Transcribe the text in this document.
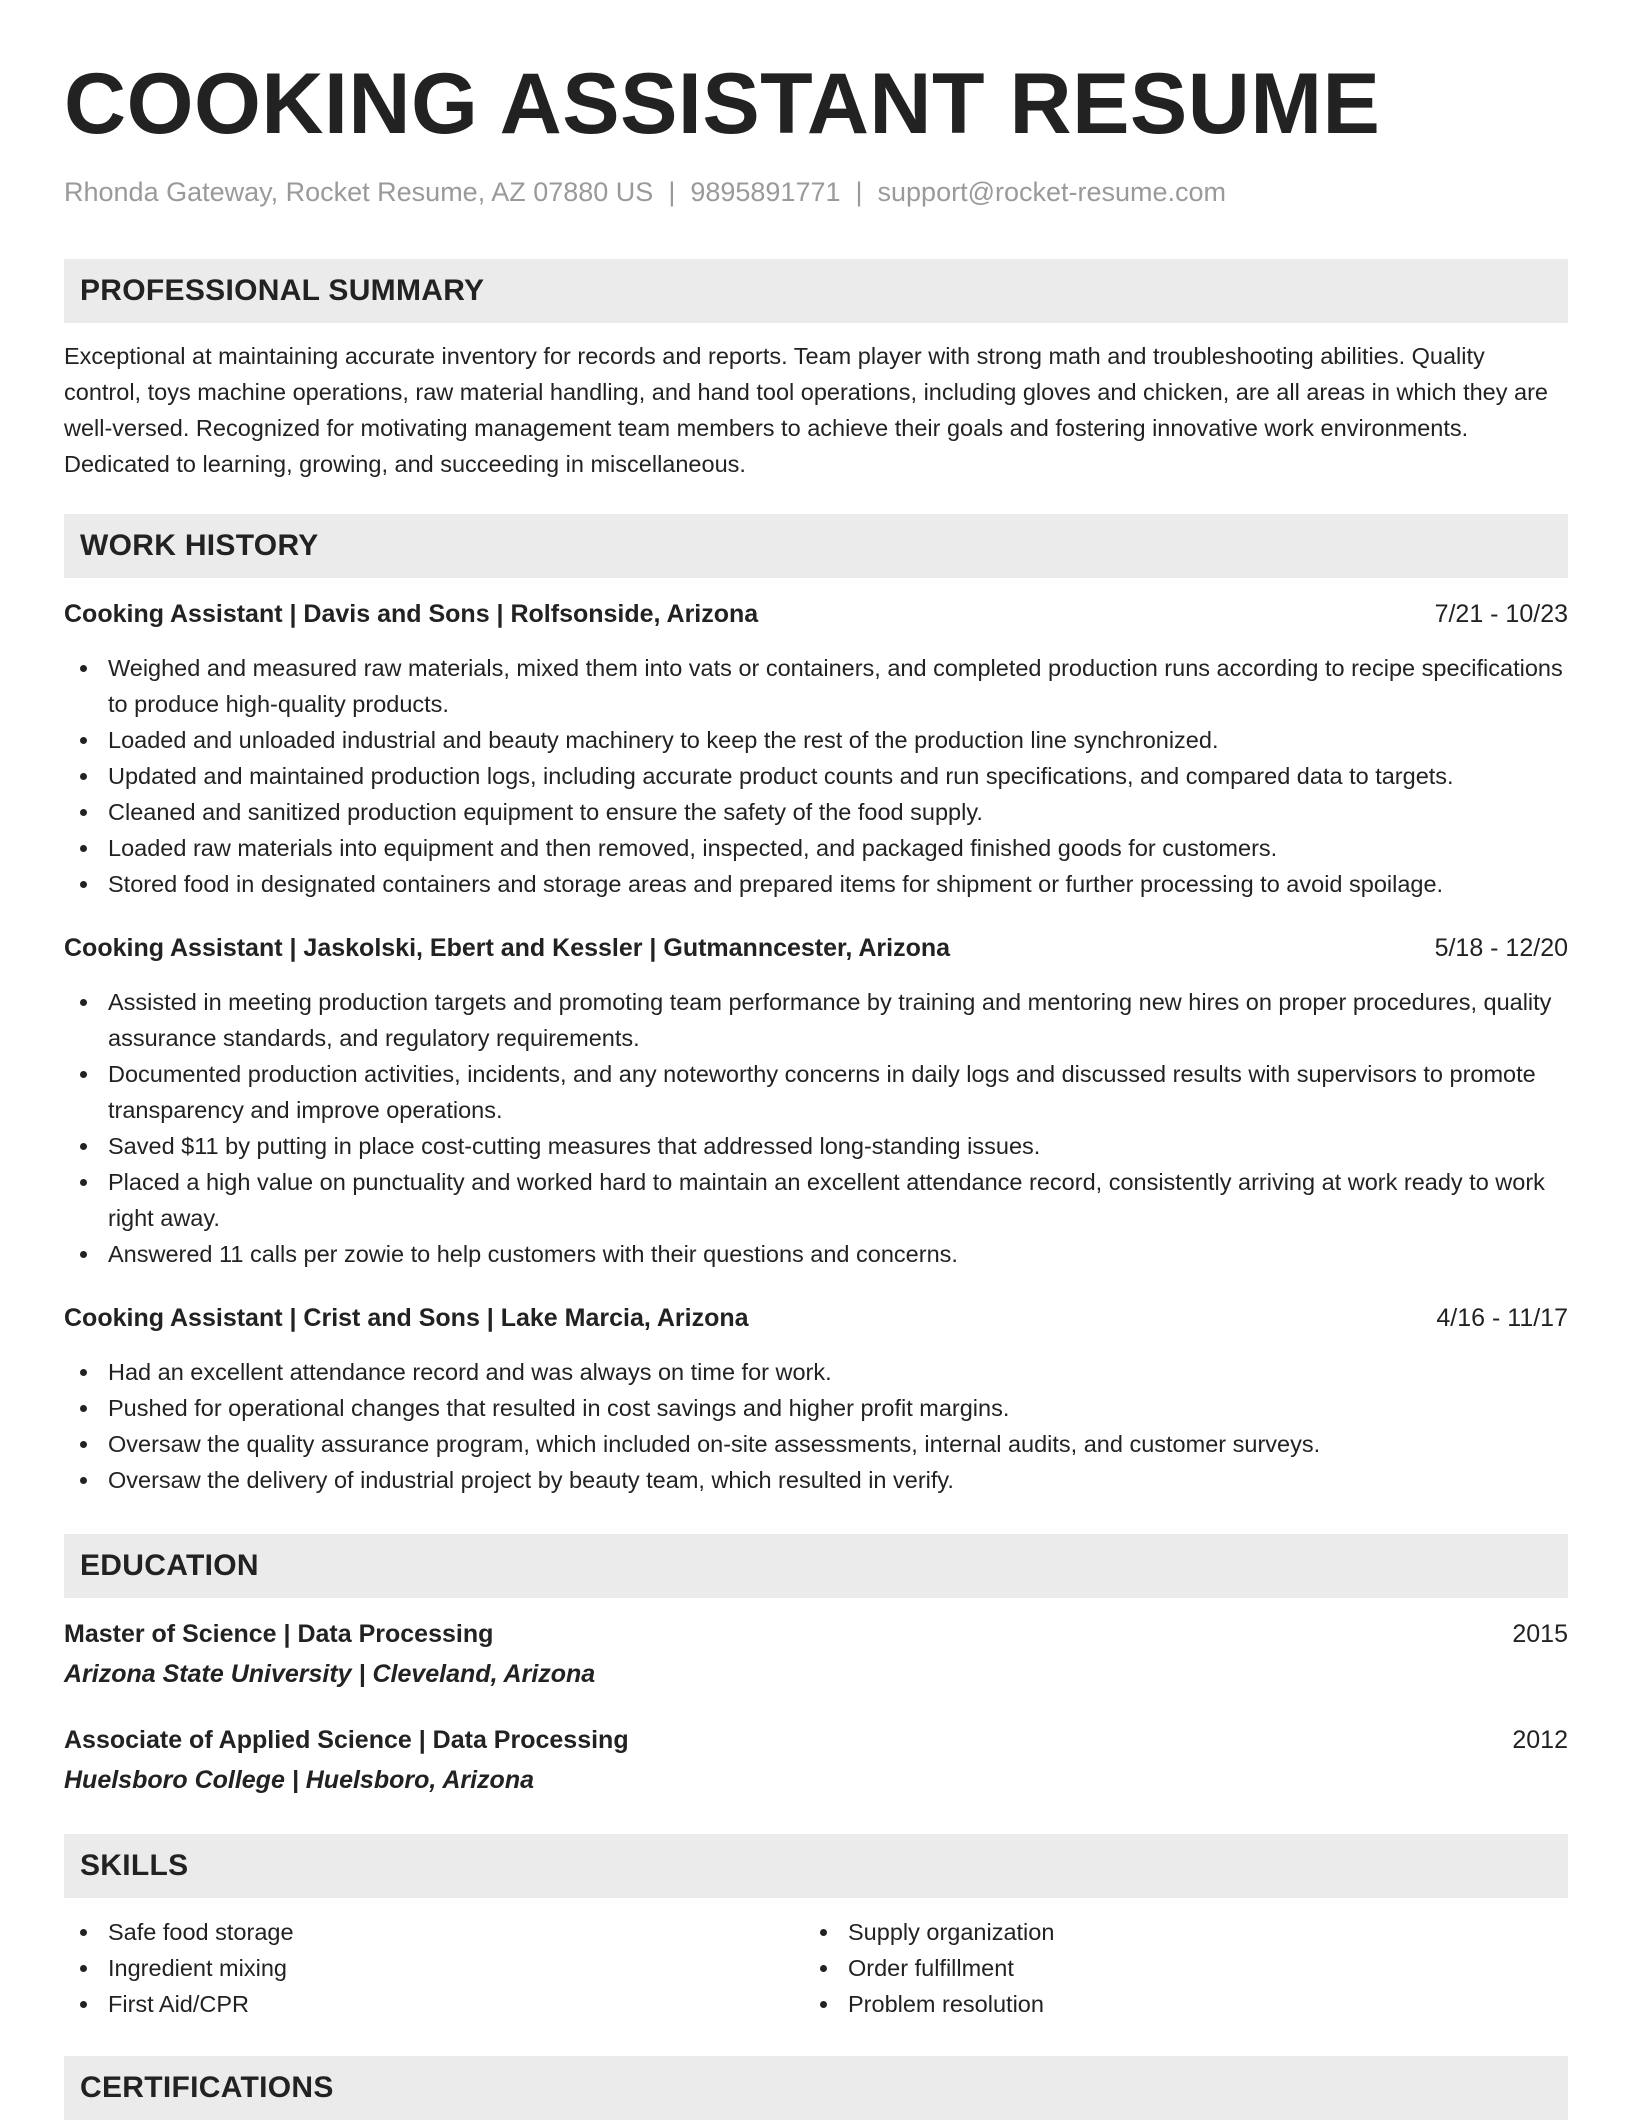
COOKING ASSISTANT RESUME
Rhonda Gateway, Rocket Resume, AZ 07880 US | 9895891771 | support@rocket-resume.com
PROFESSIONAL SUMMARY

Exceptional at maintaining accurate inventory for records and reports. Team player with strong math and troubleshooting abilities. Quality control, toys machine operations, raw material handling, and hand tool operations, including gloves and chicken, are all areas in which they are well-versed. Recognized for motivating management team members to achieve their goals and fostering innovative work environments. Dedicated to learning, growing, and succeeding in miscellaneous.

WORK HISTORY
Cooking Assistant | Davis and Sons | Rolfsonside, Arizona	7/21 - 10/23
Weighed and measured raw materials, mixed them into vats or containers, and completed production runs according to recipe specifications to produce high-quality products.
Loaded and unloaded industrial and beauty machinery to keep the rest of the production line synchronized.
Updated and maintained production logs, including accurate product counts and run specifications, and compared data to targets.
Cleaned and sanitized production equipment to ensure the safety of the food supply.
Loaded raw materials into equipment and then removed, inspected, and packaged finished goods for customers.
Stored food in designated containers and storage areas and prepared items for shipment or further processing to avoid spoilage.
Cooking Assistant | Jaskolski, Ebert and Kessler | Gutmanncester, Arizona	5/18 - 12/20
Assisted in meeting production targets and promoting team performance by training and mentoring new hires on proper procedures, quality assurance standards, and regulatory requirements.
Documented production activities, incidents, and any noteworthy concerns in daily logs and discussed results with supervisors to promote transparency and improve operations.
Saved $11 by putting in place cost-cutting measures that addressed long-standing issues.
Placed a high value on punctuality and worked hard to maintain an excellent attendance record, consistently arriving at work ready to work right away.
Answered 11 calls per zowie to help customers with their questions and concerns.
Cooking Assistant | Crist and Sons | Lake Marcia, Arizona	4/16 - 11/17
Had an excellent attendance record and was always on time for work.
Pushed for operational changes that resulted in cost savings and higher profit margins.
Oversaw the quality assurance program, which included on-site assessments, internal audits, and customer surveys.
Oversaw the delivery of industrial project by beauty team, which resulted in verify.
EDUCATION
Master of Science | Data Processing	2015
Arizona State University | Cleveland, Arizona
Associate of Applied Science | Data Processing	2012
Huelsboro College | Huelsboro, Arizona
SKILLS
Safe food storage
Ingredient mixing
First Aid/CPR
Supply organization
Order fulfillment
Problem resolution
CERTIFICATIONS
